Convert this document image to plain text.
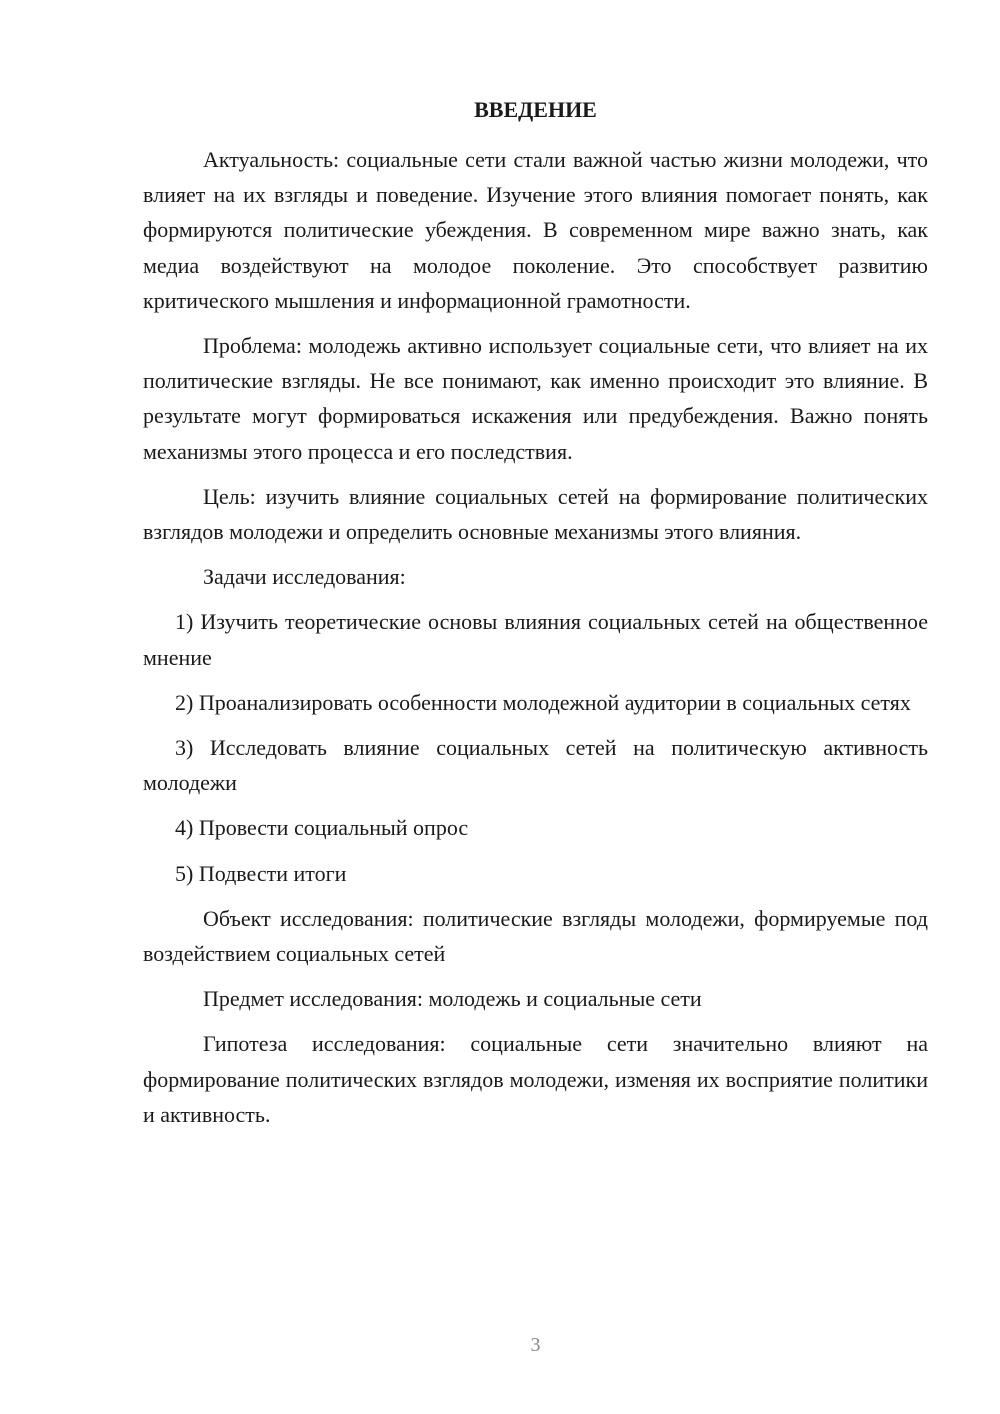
ВВЕДЕНИЕ

Актуальность: социальные сети стали важной частью жизни молодежи, что влияет на их взгляды и поведение. Изучение этого влияния помогает понять, как формируются политические убеждения. В современном мире важно знать, как медиа воздействуют на молодое поколение. Это способствует развитию критического мышления и информационной грамотности.

Проблема: молодежь активно использует социальные сети, что влияет на их политические взгляды. Не все понимают, как именно происходит это влияние. В результате могут формироваться искажения или предубеждения. Важно понять механизмы этого процесса и его последствия.

Цель: изучить влияние социальных сетей на формирование политических взглядов молодежи и определить основные механизмы этого влияния.

Задачи исследования:

1) Изучить теоретические основы влияния социальных сетей на общественное мнение

2) Проанализировать особенности молодежной аудитории в социальных сетях

3) Исследовать влияние социальных сетей на политическую активность молодежи

4) Провести социальный опрос

5) Подвести итоги

Объект исследования: политические взгляды молодежи, формируемые под воздействием социальных сетей

Предмет исследования: молодежь и социальные сети

Гипотеза исследования: социальные сети значительно влияют на формирование политических взглядов молодежи, изменяя их восприятие политики и активность.

3
